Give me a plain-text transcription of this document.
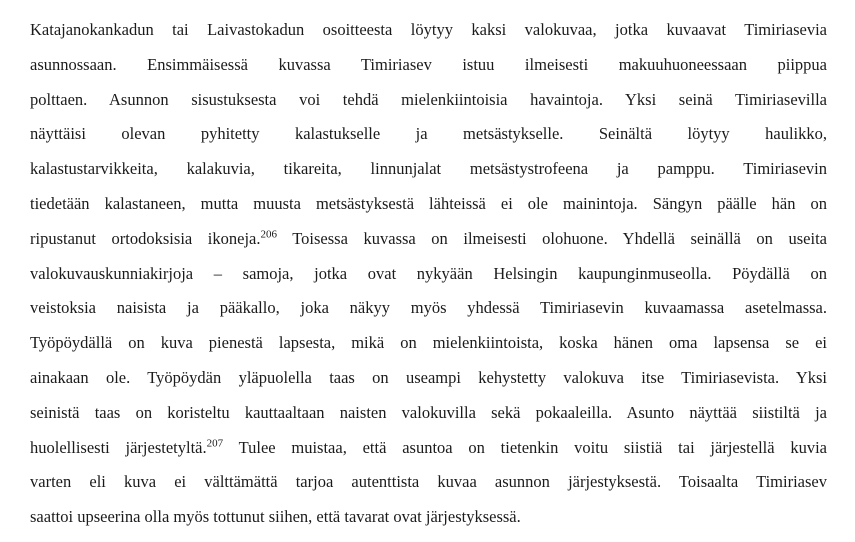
Katajanokankadun tai Laivastokadun osoitteesta löytyy kaksi valokuvaa, jotka kuvaavat Timiriasevia
asunnossaan. Ensimmäisessä kuvassa Timiriasev istuu ilmeisesti makuuhuoneessaan piippua
polttaen. Asunnon sisustuksesta voi tehdä mielenkiintoisia havaintoja. Yksi seinä Timiriasevilla
näyttäisi olevan pyhitetty kalastukselle ja metsästykselle. Seinältä löytyy haulikko,
kalastustarvikkeita, kalakuvia, tikareita, linnunjalat metsästystrofeena ja pamppu. Timiriasevin
tiedetään kalastaneen, mutta muusta metsästyksestä lähteissä ei ole mainintoja. Sängyn päälle hän on
ripustanut ortodoksisia ikoneja.$^{206}$ Toisessa kuvassa on ilmeisesti olohuone. Yhdellä seinällä on useita
valokuvauskunniakirjoja – samoja, jotka ovat nykyään Helsingin kaupunginmuseolla. Pöydällä on
veistoksia naisista ja pääkallo, joka näkyy myös yhdessä Timiriasevin kuvaamassa asetelmassa.
Työpöydällä on kuva pienestä lapsesta, mikä on mielenkiintoista, koska hänen oma lapsensa se ei
ainakaan ole. Työpöydän yläpuolella taas on useampi kehystetty valokuva itse Timiriasevista. Yksi
seinistä taas on koristeltu kauttaaltaan naisten valokuvilla sekä pokaaleilla. Asunto näyttää siistiltä ja
huolellisesti järjestetyltä.$^{207}$ Tulee muistaa, että asuntoa on tietenkin voitu siistiä tai järjestellä kuvia
varten eli kuva ei välttämättä tarjoa autenttista kuvaa asunnon järjestyksestä. Toisaalta Timiriasev
saattoi upseerina olla myös tottunut siihen, että tavarat ovat järjestyksessä.
